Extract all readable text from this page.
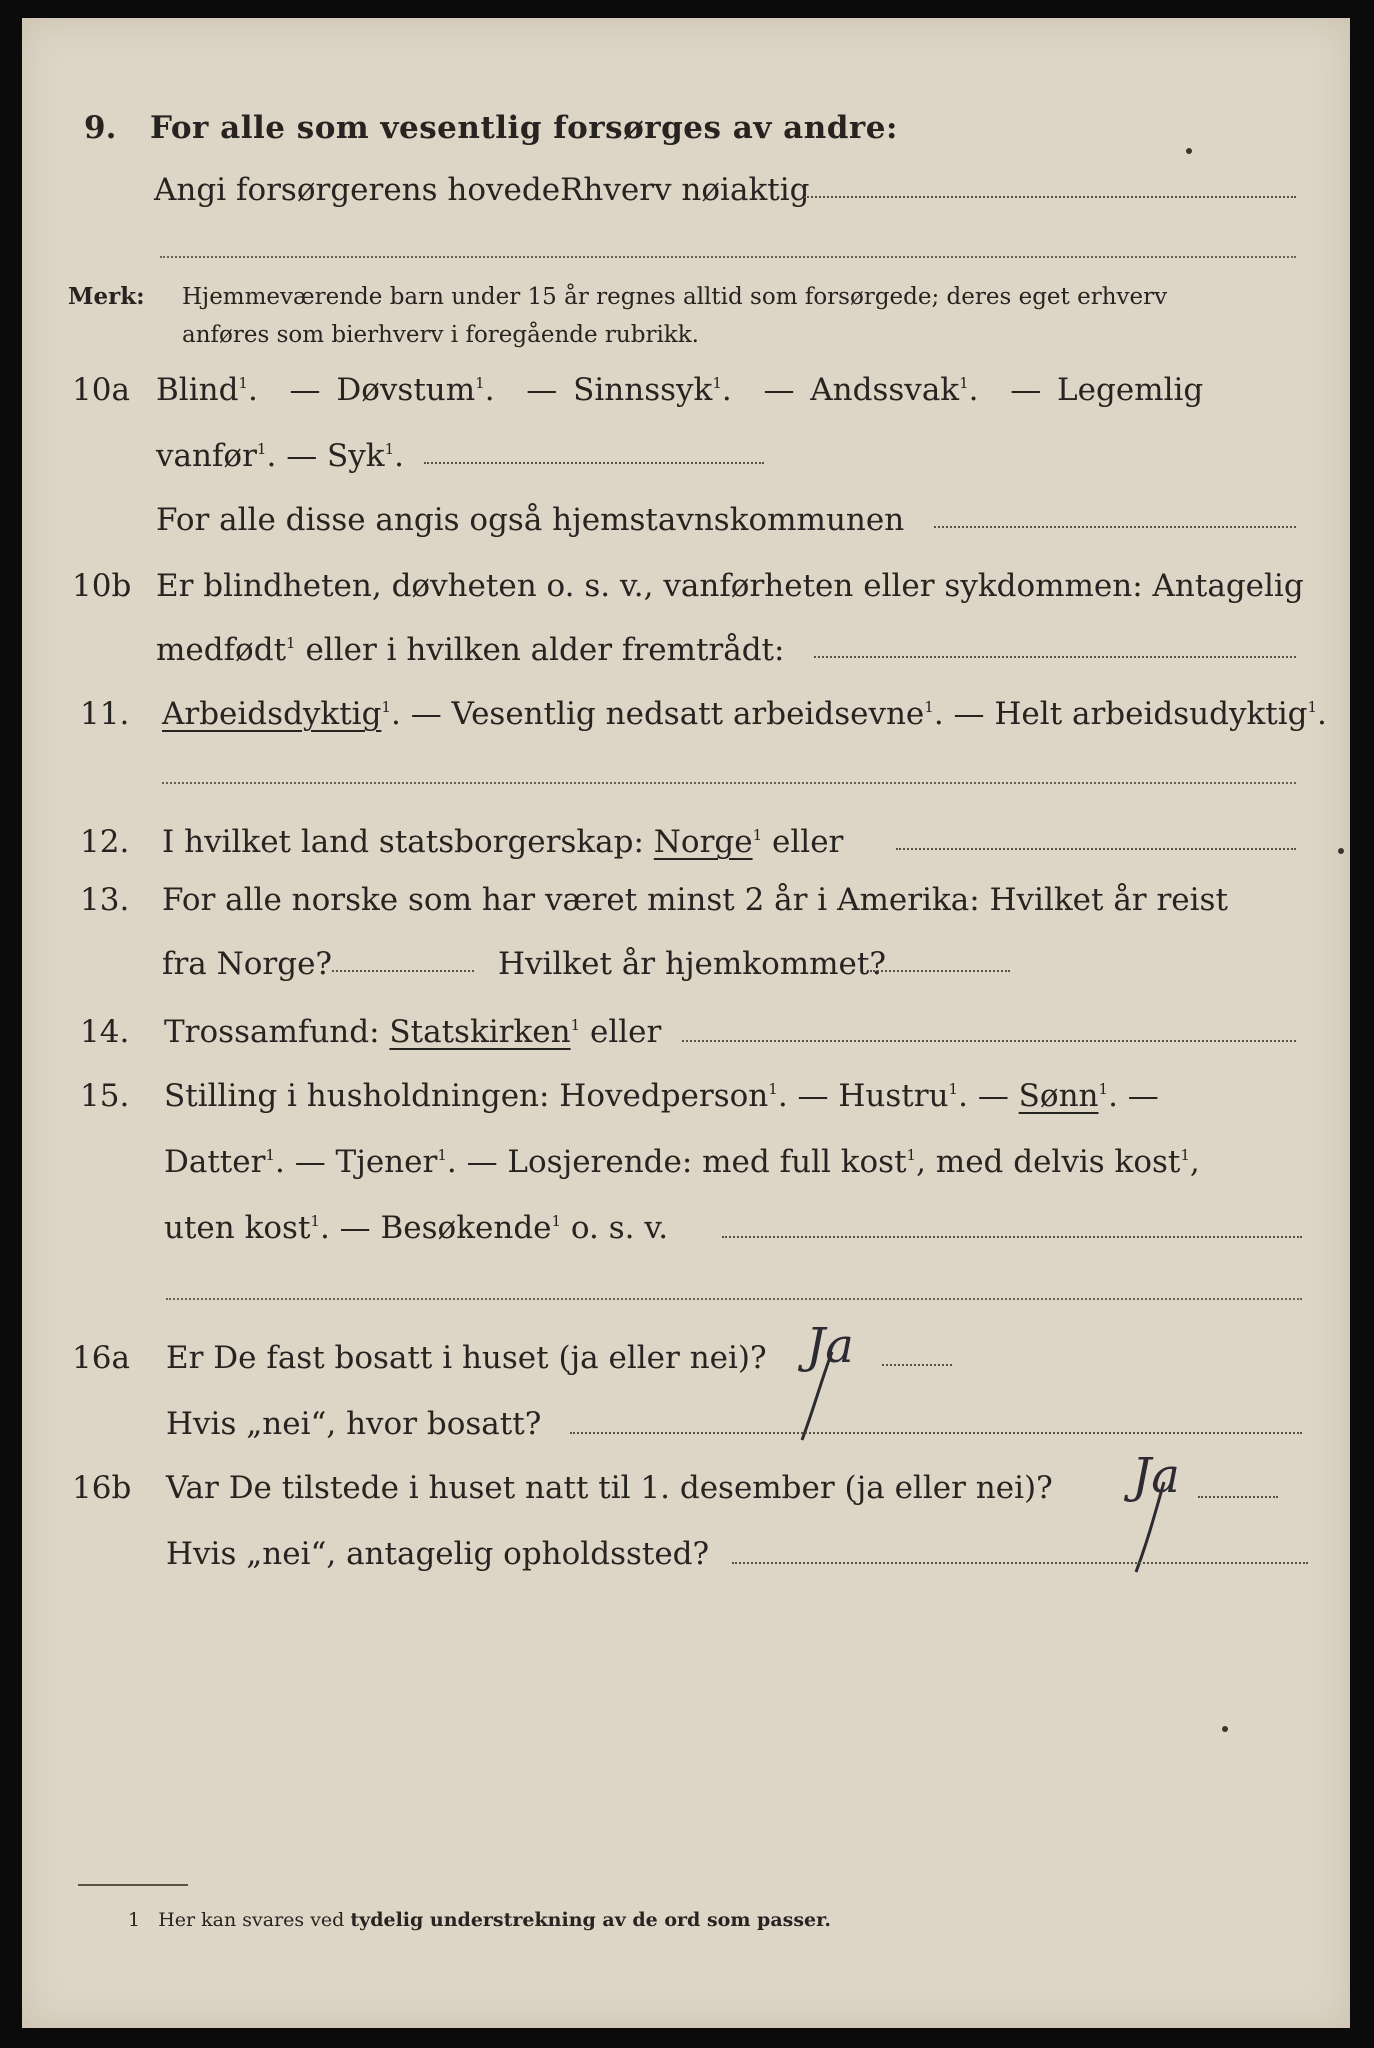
9. For alle som vesentlig forsørges av andre:
Angi forsørgerens hovedeRhverv nøiaktig
Merk: Hjemmeværende barn under 15 år regnes alltid som forsørgede; deres eget erhverv
anføres som bierhverv i foregående rubrikk.
10a Blind$^1$.  — Døvstum$^1$.  — Sinnssyk$^1$.  — Andssvak$^1$.  — Legemlig
vanfør$^1$. — Syk$^1$.
For alle disse angis også hjemstavnskommunen
10b Er blindheten, døvheten o. s. v., vanførheten eller sykdommen: Antagelig
medfødt$^1$ eller i hvilken alder fremtrådt:
11. Arbeidsdyktig$^1$. — Vesentlig nedsatt arbeidsevne$^1$. — Helt arbeidsudyktig$^1$.
12. I hvilket land statsborgerskap: Norge$^1$ eller
13. For alle norske som har været minst 2 år i Amerika: Hvilket år reist
fra Norge?	Hvilket år hjemkommet?
14. Trossamfund: Statskirken$^1$ eller
15. Stilling i husholdningen: Hovedperson$^1$. — Hustru$^1$. — Sønn$^1$. —
Datter$^1$. — Tjener$^1$. — Losjerende: med full kost$^1$, med delvis kost$^1$,
uten kost$^1$. — Besøkende$^1$ o. s. v.
16a Er De fast bosatt i huset (ja eller nei)? Ja
Hvis „nei“, hvor bosatt?
16b Var De tilstede i huset natt til 1. desember (ja eller nei)? Ja
Hvis „nei“, antagelig opholdssted?
1 Her kan svares ved tydelig understrekning av de ord som passer.
